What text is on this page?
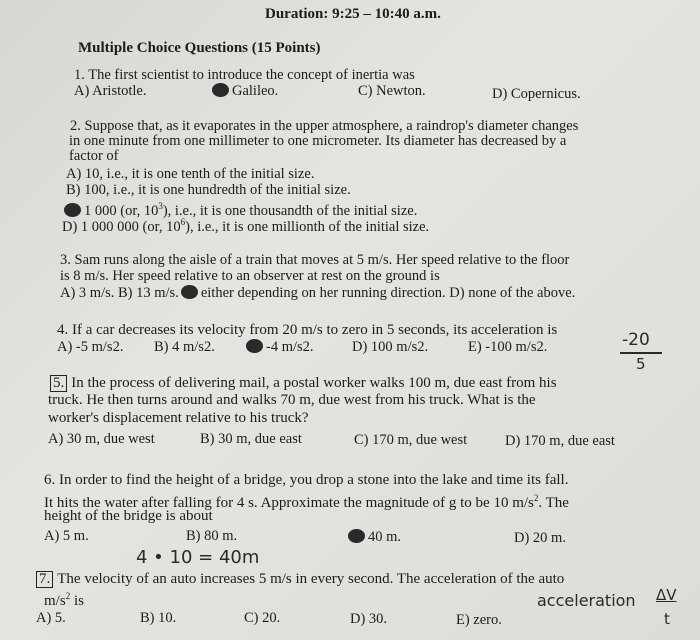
Duration: 9:25 – 10:40 a.m.
Multiple Choice Questions (15 Points)
1. The first scientist to introduce the concept of inertia was
A) Aristotle.	Galileo.	C) Newton.	D) Copernicus.
2. Suppose that, as it evaporates in the upper atmosphere, a raindrop's diameter changes
in one minute from one millimeter to one micrometer. Its diameter has decreased by a
factor of
A) 10, i.e., it is one tenth of the initial size.
B) 100, i.e., it is one hundredth of the initial size.
1 000 (or, $10^3$), i.e., it is one thousandth of the initial size.
D) 1 000 000 (or, $10^6$), i.e., it is one millionth of the initial size.
3. Sam runs along the aisle of a train that moves at 5 m/s. Her speed relative to the floor
is 8 m/s. Her speed relative to an observer at rest on the ground is
A) 3 m/s. B) 13 m/s. either depending on her running direction. D) none of the above.
4. If a car decreases its velocity from 20 m/s to zero in 5 seconds, its acceleration is
A) -5 m/s2. B) 4 m/s2.	-4 m/s2.	D) 100 m/s2.	E) -100 m/s2.	-20
5
5. In the process of delivering mail, a postal worker walks 100 m, due east from his
truck. He then turns around and walks 70 m, due west from his truck. What is the
worker's displacement relative to his truck?
A) 30 m, due west	B) 30 m, due east	C) 170 m, due west	D) 170 m, due east
6. In order to find the height of a bridge, you drop a stone into the lake and time its fall.
It hits the water after falling for 4 s. Approximate the magnitude of g to be 10 $m/s^2$. The
height of the bridge is about
A) 5 m.	B) 80 m.	40 m.	D) 20 m.
4 • 10 = 40m
7. The velocity of an auto increases 5 m/s in every second. The acceleration of the auto
$m/s^2$ is
A) 5.	B) 10.	C) 20.	D) 30.	E) zero.
acceleration ΔV
t
